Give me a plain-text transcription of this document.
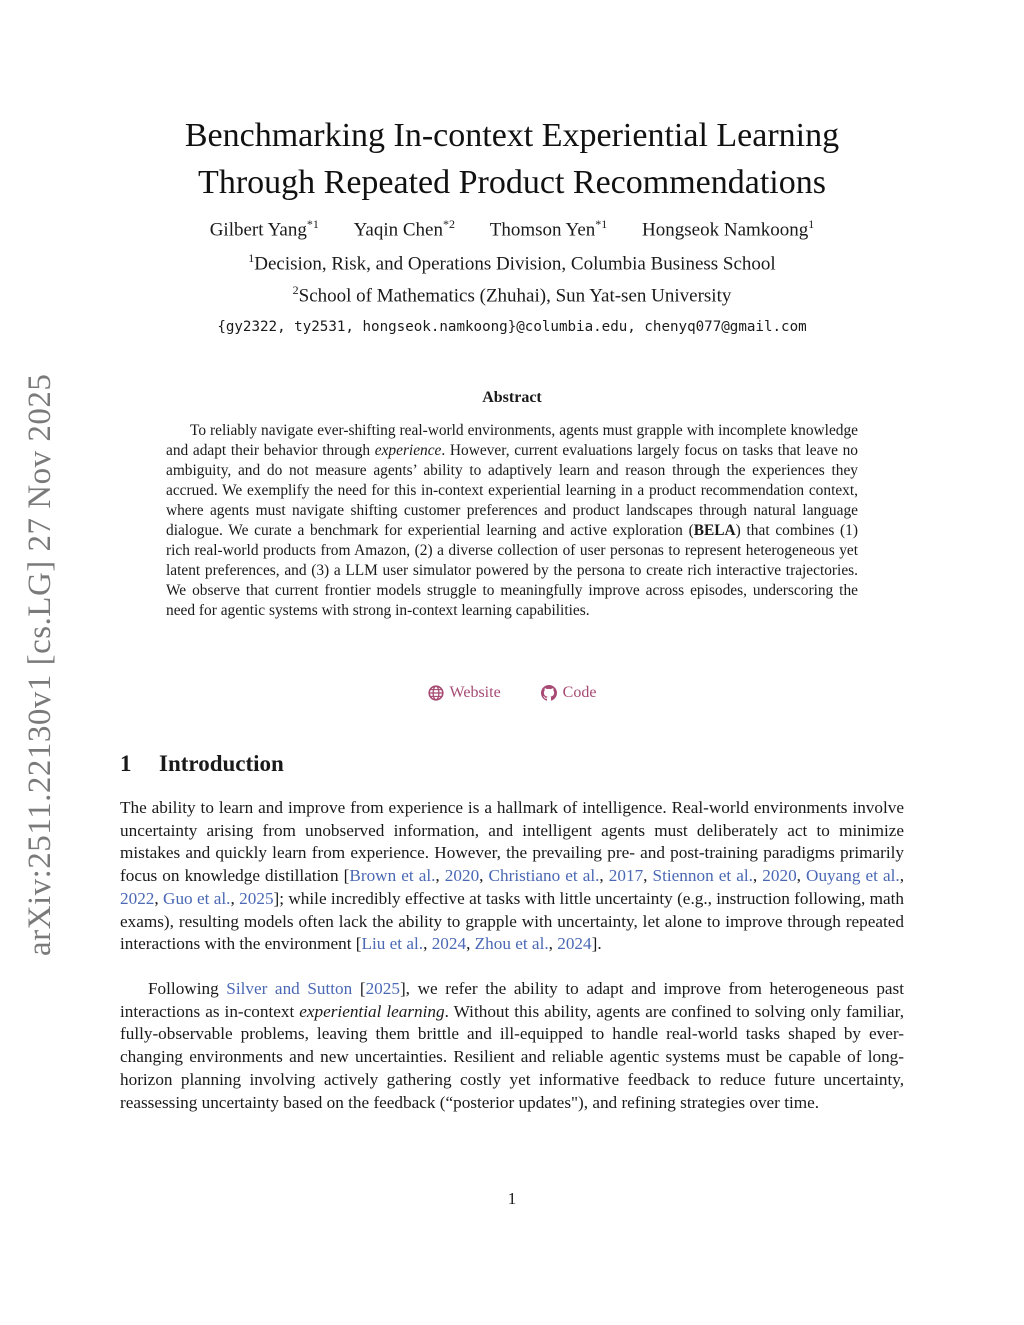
arXiv:2511.22130v1 [cs.LG] 27 Nov 2025
Benchmarking In-context Experiential Learning
Through Repeated Product Recommendations
Gilbert Yang$^{*1}$ Yaqin Chen$^{*2}$ Thomson Yen$^{*1}$ Hongseok Namkoong$^1$
$^1$Decision, Risk, and Operations Division, Columbia Business School
$^2$School of Mathematics (Zhuhai), Sun Yat-sen University
{gy2322, ty2531, hongseok.namkoong}@columbia.edu, chenyq077@gmail.com
Abstract
To reliably navigate ever-shifting real-world environments, agents must grapple with incomplete knowledge and adapt their behavior through experience. However, current evaluations largely focus on tasks that leave no ambiguity, and do not measure agents’ ability to adaptively learn and reason through the experiences they accrued. We exemplify the need for this in-context experiential learning in a product recommendation context, where agents must navigate shifting customer preferences and product landscapes through natural language dialogue. We curate a benchmark for experiential learning and active exploration (BELA) that combines (1) rich real-world products from Amazon, (2) a diverse collection of user personas to represent heterogeneous yet latent preferences, and (3) a LLM user simulator powered by the persona to create rich interactive trajectories. We observe that current frontier models struggle to meaningfully improve across episodes, underscoring the need for agentic systems with strong in-context learning capabilities.
Website
	Code
1 Introduction
The ability to learn and improve from experience is a hallmark of intelligence. Real-world environments involve uncertainty arising from unobserved information, and intelligent agents must deliberately act to minimize mistakes and quickly learn from experience. However, the prevailing pre- and post-training paradigms primarily focus on knowledge distillation [Brown et al., 2020, Christiano et al., 2017, Stiennon et al., 2020, Ouyang et al., 2022, Guo et al., 2025]; while incredibly effective at tasks with little uncertainty (e.g., instruction following, math exams), resulting models often lack the ability to grapple with uncertainty, let alone to improve through repeated interactions with the environment [Liu et al., 2024, Zhou et al., 2024].
Following Silver and Sutton [2025], we refer the ability to adapt and improve from heterogeneous past interactions as in-context experiential learning. Without this ability, agents are confined to solving only familiar, fully-observable problems, leaving them brittle and ill-equipped to handle real-world tasks shaped by ever-changing environments and new uncertainties. Resilient and reliable agentic systems must be capable of long-horizon planning involving actively gathering costly yet informative feedback to reduce future uncertainty, reassessing uncertainty based on the feedback (“posterior updates"), and refining strategies over time.
1
